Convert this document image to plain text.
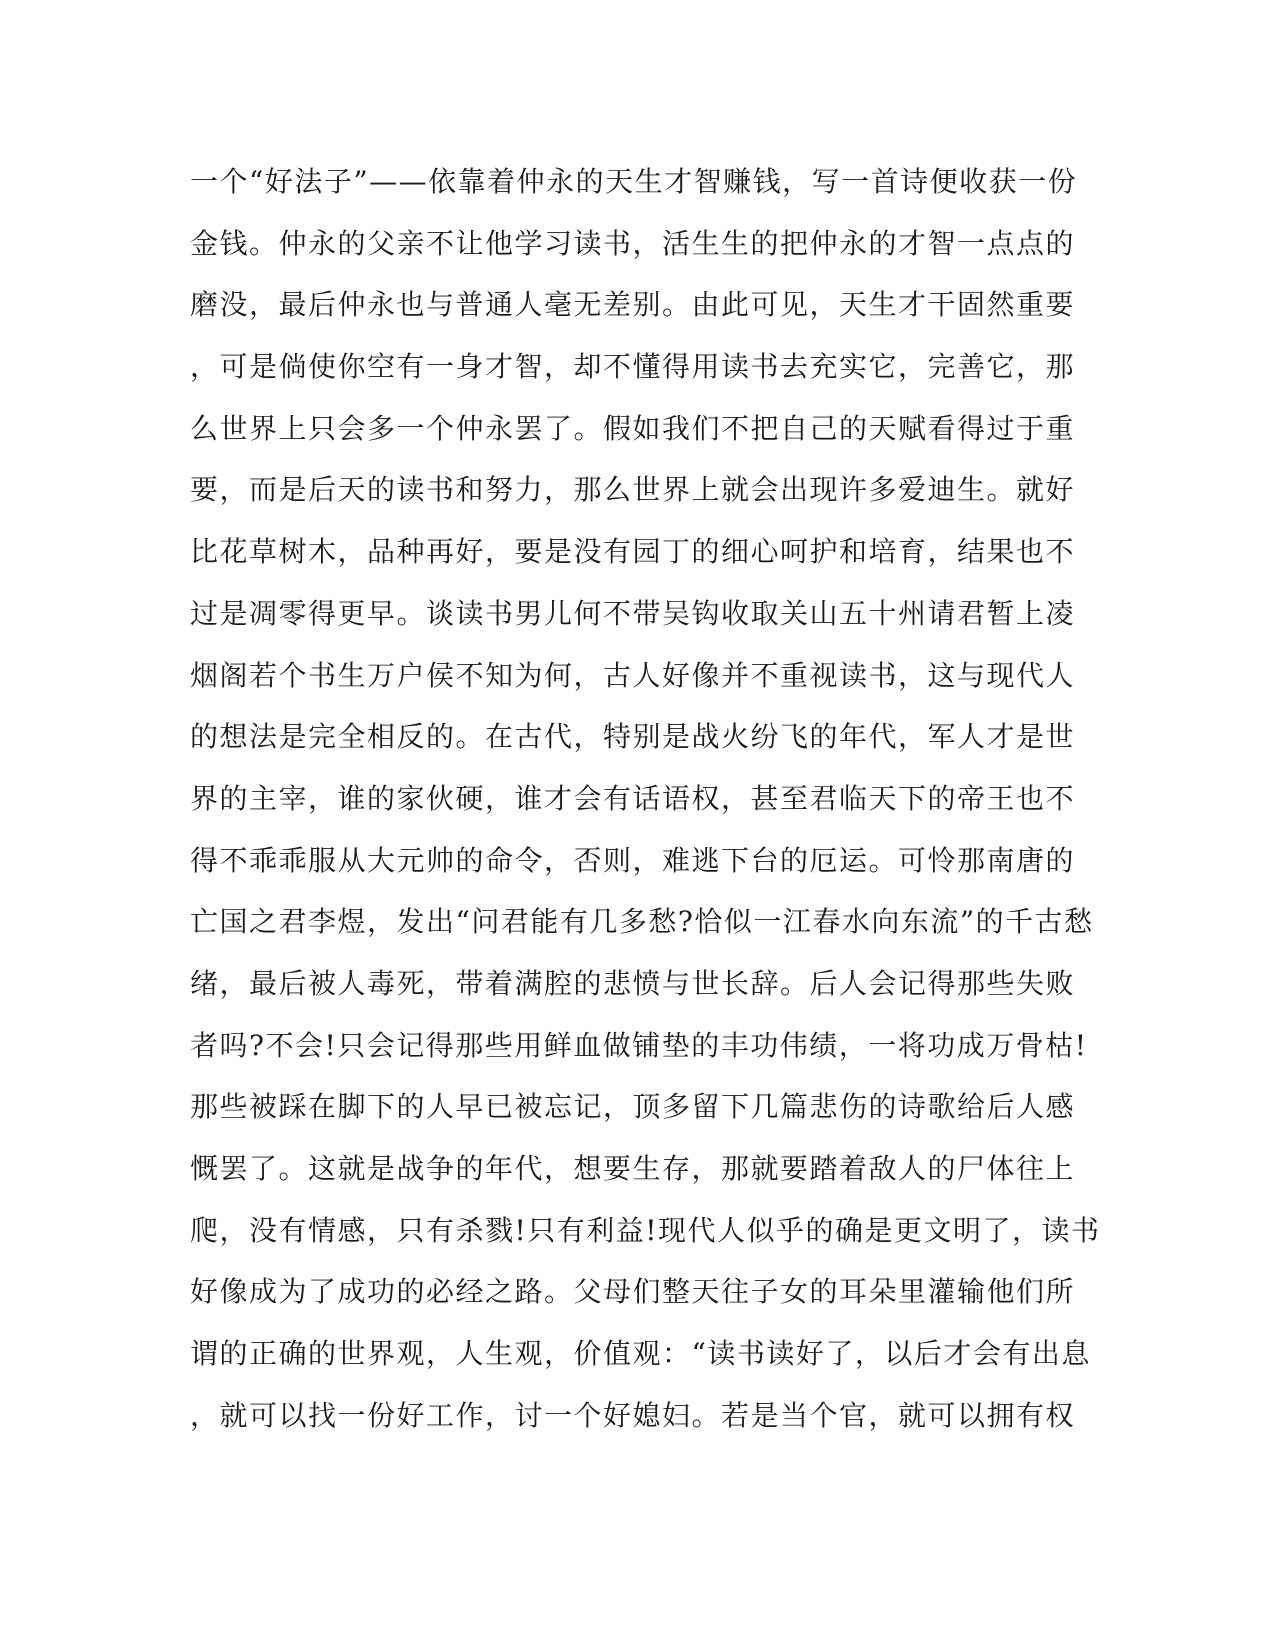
一个“好法子”——依靠着仲永的天生才智赚钱，写一首诗便收获一份
金钱。仲永的父亲不让他学习读书，活生生的把仲永的才智一点点的
磨没，最后仲永也与普通人毫无差别。由此可见，天生才干固然重要
，可是倘使你空有一身才智，却不懂得用读书去充实它，完善它，那
么世界上只会多一个仲永罢了。假如我们不把自己的天赋看得过于重
要，而是后天的读书和努力，那么世界上就会出现许多爱迪生。就好
比花草树木，品种再好，要是没有园丁的细心呵护和培育，结果也不
过是凋零得更早。谈读书男儿何不带吴钩收取关山五十州请君暂上凌
烟阁若个书生万户侯不知为何，古人好像并不重视读书，这与现代人
的想法是完全相反的。在古代，特别是战火纷飞的年代，军人才是世
界的主宰，谁的家伙硬，谁才会有话语权，甚至君临天下的帝王也不
得不乖乖服从大元帅的命令，否则，难逃下台的厄运。可怜那南唐的
亡国之君李煜，发出“问君能有几多愁?恰似一江春水向东流”的千古愁
绪，最后被人毒死，带着满腔的悲愤与世长辞。后人会记得那些失败
者吗?不会!只会记得那些用鲜血做铺垫的丰功伟绩，一将功成万骨枯!
那些被踩在脚下的人早已被忘记，顶多留下几篇悲伤的诗歌给后人感
慨罢了。这就是战争的年代，想要生存，那就要踏着敌人的尸体往上
爬，没有情感，只有杀戮!只有利益!现代人似乎的确是更文明了，读书
好像成为了成功的必经之路。父母们整天往子女的耳朵里灌输他们所
谓的正确的世界观，人生观，价值观：“读书读好了，以后才会有出息
，就可以找一份好工作，讨一个好媳妇。若是当个官，就可以拥有权
